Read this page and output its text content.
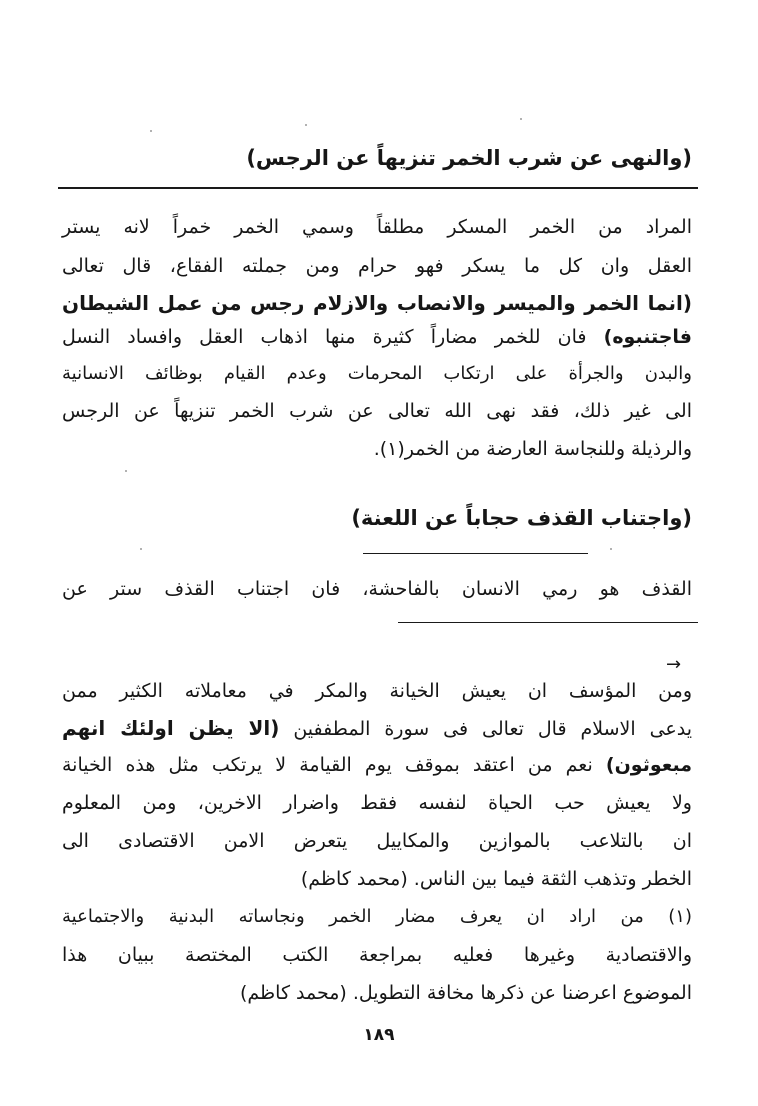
(والنهى عن شرب الخمر تنزيهاً عن الرجس)
المراد من الخمر المسكر مطلقاً وسمي الخمر خمراً لانه يستر
العقل وان كل ما يسكر فهو حرام ومن جملته الفقاع، قال تعالى
(انما الخمر والميسر والانصاب والازلام رجس من عمل الشيطان
فاجتنبوه) فان للخمر مضاراً كثيرة منها اذهاب العقل وافساد النسل
والبدن والجرأة على ارتكاب المحرمات وعدم القيام بوظائف الانسانية
الى غير ذلك، فقد نهى الله تعالى عن شرب الخمر تنزيهاً عن الرجس
والرذيلة وللنجاسة العارضة من الخمر(١).
(واجتناب القذف حجاباً عن اللعنة)
القذف هو رمي الانسان بالفاحشة، فان اجتناب القذف ستر عن
→
ومن المؤسف ان يعيش الخيانة والمكر في معاملاته الكثير ممن
يدعى الاسلام قال تعالى فى سورة المطففين (الا يظن اولئك انهم
مبعوثون) نعم من اعتقد بموقف يوم القيامة لا يرتكب مثل هذه الخيانة
ولا يعيش حب الحياة لنفسه فقط واضرار الاخرين، ومن المعلوم
ان بالتلاعب بالموازين والمكاييل يتعرض الامن الاقتصادى الى
الخطر وتذهب الثقة فيما بين الناس. (محمد كاظم)
(١) من اراد ان يعرف مضار الخمر ونجاساته البدنية والاجتماعية
والاقتصادية وغيرها فعليه بمراجعة الكتب المختصة ببيان هذا
الموضوع اعرضنا عن ذكرها مخافة التطويل. (محمد كاظم)
١٨٩
